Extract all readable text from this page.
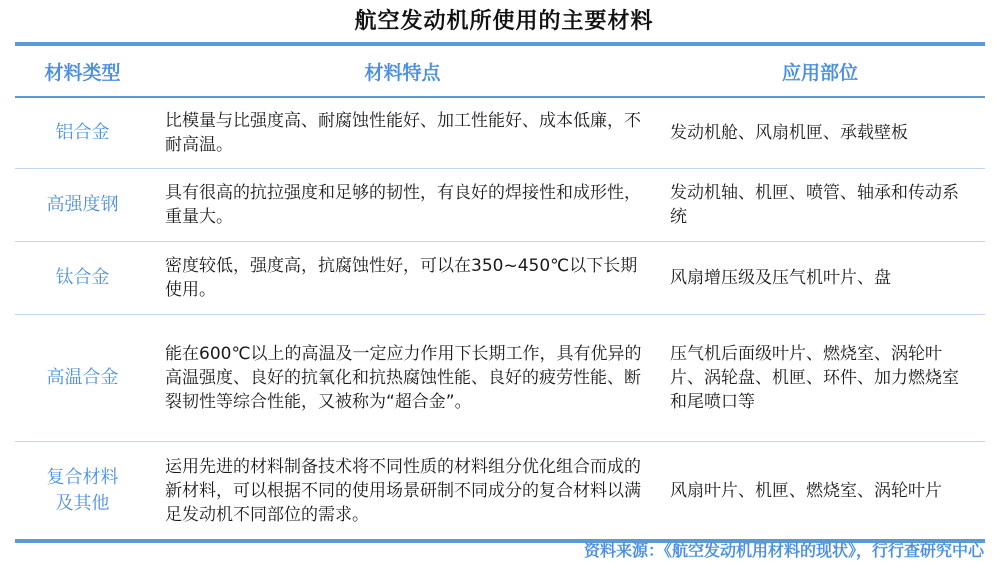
航空发动机所使用的主要材料
材料类型	材料特点	应用部位
铝合金
比模量与比强度高、耐腐蚀性能好、加工性能好、成本低廉，不耐高温。
发动机舱、风扇机匣、承载壁板
高强度钢
具有很高的抗拉强度和足够的韧性，有良好的焊接性和成形性，重量大。
发动机轴、机匣、喷管、轴承和传动系统
钛合金
密度较低，强度高，抗腐蚀性好，可以在350~450℃以下长期使用。
风扇增压级及压气机叶片、盘
高温合金
能在600℃以上的高温及一定应力作用下长期工作，具有优异的高温强度、良好的抗氧化和抗热腐蚀性能、良好的疲劳性能、断裂韧性等综合性能，又被称为“超合金”。
压气机后面级叶片、燃烧室、涡轮叶片、涡轮盘、机匣、环件、加力燃烧室和尾喷口等
复合材料及其他
运用先进的材料制备技术将不同性质的材料组分优化组合而成的新材料，可以根据不同的使用场景研制不同成分的复合材料以满足发动机不同部位的需求。
风扇叶片、机匣、燃烧室、涡轮叶片
资料来源：《航空发动机用材料的现状》，行行查研究中心
